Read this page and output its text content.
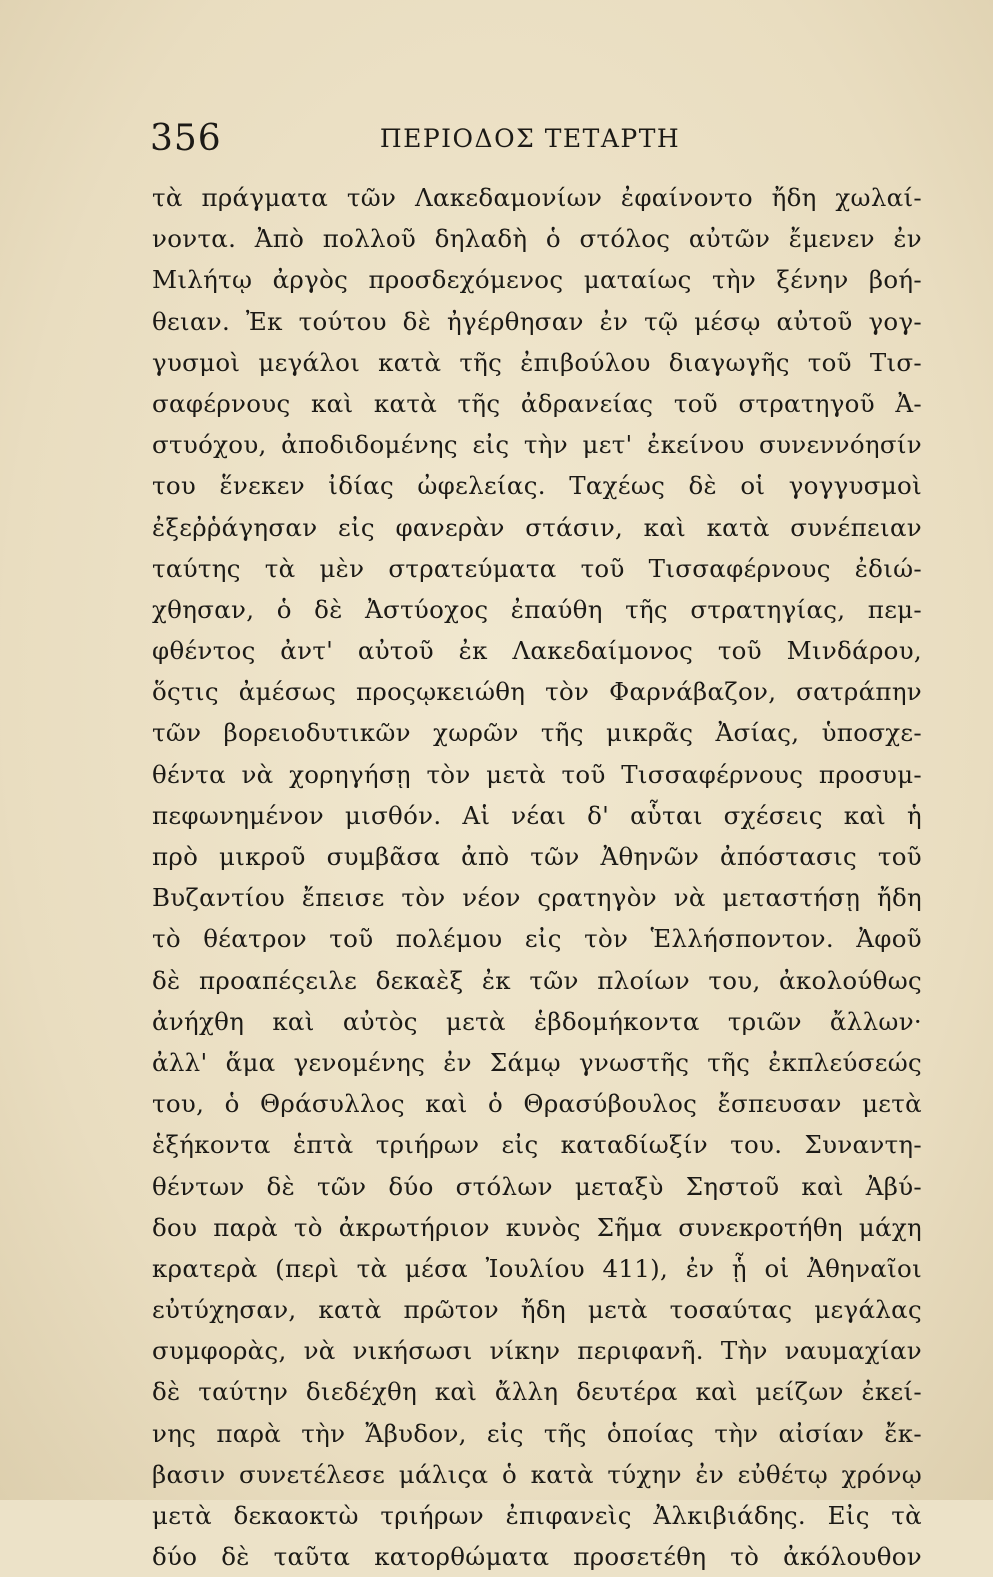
356	ΠΕΡΙΟΔΟΣ ΤΕΤΑΡΤΗ
τὰ πράγματα τῶν Λακεδαμονίων ἐφαίνοντο ἤδη χωλαί-
νοντα. Ἀπὸ πολλοῦ δηλαδὴ ὁ στόλος αὐτῶν ἔμενεν ἐν
Μιλήτῳ ἀργὸς προσδεχόμενος ματαίως τὴν ξένην βοή-
θειαν. Ἐκ τούτου δὲ ἠγέρθησαν ἐν τῷ μέσῳ αὐτοῦ γογ-
γυσμοὶ μεγάλοι κατὰ τῆς ἐπιβούλου διαγωγῆς τοῦ Τισ-
σαφέρνους καὶ κατὰ τῆς ἀδρανείας τοῦ στρατηγοῦ Ἀ-
στυόχου, ἀποδιδομένης εἰς τὴν μετ' ἐκείνου συνεννόησίν
του ἕνεκεν ἰδίας ὠφελείας. Ταχέως δὲ οἱ γογγυσμοὶ
ἐξεῤῥάγησαν εἰς φανερὰν στάσιν, καὶ κατὰ συνέπειαν
ταύτης τὰ μὲν στρατεύματα τοῦ Τισσαφέρνους ἐδιώ-
χθησαν, ὁ δὲ Ἀστύοχος ἐπαύθη τῆς στρατηγίας, πεμ-
φθέντος ἀντ' αὐτοῦ ἐκ Λακεδαίμονος τοῦ Μινδάρου,
ὅςτις ἀμέσως προςῳκειώθη τὸν Φαρνάβαζον, σατράπην
τῶν βορειοδυτικῶν χωρῶν τῆς μικρᾶς Ἀσίας, ὑποσχε-
θέντα νὰ χορηγήσῃ τὸν μετὰ τοῦ Τισσαφέρνους προσυμ-
πεφωνημένον μισθόν. Αἱ νέαι δ' αὗται σχέσεις καὶ ἡ
πρὸ μικροῦ συμβᾶσα ἀπὸ τῶν Ἀθηνῶν ἀπόστασις τοῦ
Βυζαντίου ἔπεισε τὸν νέον ςρατηγὸν νὰ μεταστήσῃ ἤδη
τὸ θέατρον τοῦ πολέμου εἰς τὸν Ἑλλήσποντον. Ἀφοῦ
δὲ προαπέςειλε δεκαὲξ ἐκ τῶν πλοίων του, ἀκολούθως
ἀνήχθη καὶ αὐτὸς μετὰ ἑβδομήκοντα τριῶν ἄλλων·
ἀλλ' ἅμα γενομένης ἐν Σάμῳ γνωστῆς τῆς ἐκπλεύσεώς
του, ὁ Θράσυλλος καὶ ὁ Θρασύβουλος ἔσπευσαν μετὰ
ἑξήκοντα ἑπτὰ τριήρων εἰς καταδίωξίν του. Συναντη-
θέντων δὲ τῶν δύο στόλων μεταξὺ Σηστοῦ καὶ Ἀβύ-
δου παρὰ τὸ ἀκρωτήριον κυνὸς Σῆμα συνεκροτήθη μάχη
κρατερὰ (περὶ τὰ μέσα Ἰουλίου 411), ἐν ᾗ οἱ Ἀθηναῖοι
εὐτύχησαν, κατὰ πρῶτον ἤδη μετὰ τοσαύτας μεγάλας
συμφορὰς, νὰ νικήσωσι νίκην περιφανῆ. Τὴν ναυμαχίαν
δὲ ταύτην διεδέχθη καὶ ἄλλη δευτέρα καὶ μείζων ἐκεί-
νης παρὰ τὴν Ἄβυδον, εἰς τῆς ὁποίας τὴν αἰσίαν ἔκ-
βασιν συνετέλεσε μάλιςα ὁ κατὰ τύχην ἐν εὐθέτῳ χρόνῳ
μετὰ δεκαοκτὼ τριήρων ἐπιφανεὶς Ἀλκιβιάδης. Εἰς τὰ
δύο δὲ ταῦτα κατορθώματα προσετέθη τὸ ἀκόλουθον
